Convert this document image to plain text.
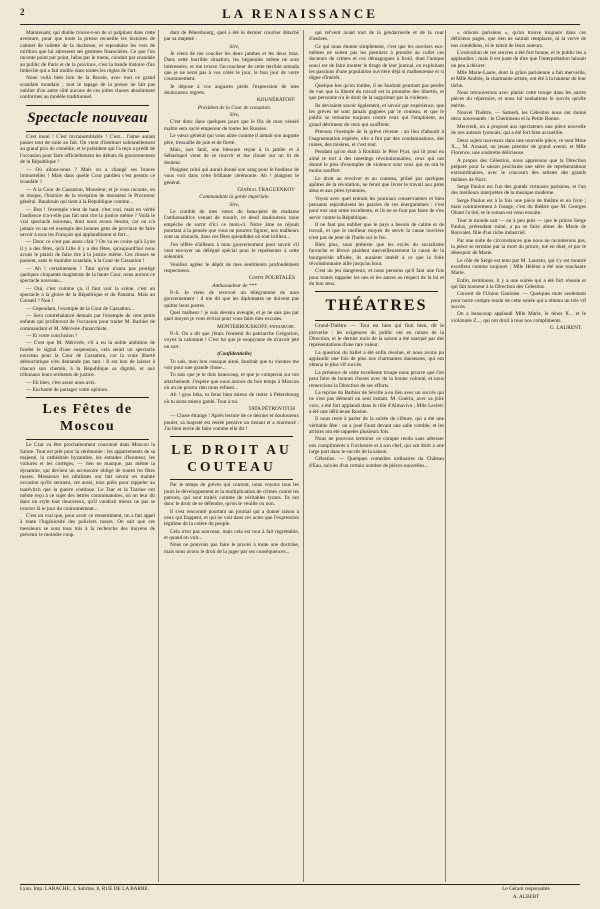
2	LA RENAISSANCE

Maintenant, qui diable trouve-t-on de si palpitant dans cette aventure, pour que toute la presse recueille les histoires de cabinet de toilette de la duchesse, et reproduise les vers de mirliton que lui adressent ses gemmes financières. Ce que l'on raconte point par point, hélas par le menu, conduit par scandale au public de Paris et de la province, c'est la bande histoire d'un imbécile qui a fait moître dans toutes les règles de l'art.

Nous voilà bien loin de la Russie, avec tout ce grand scandale mondain ; tout le tapage de la presse ne fait pas oublier d'un autre côté aucune de ces jolies choses absolument conformes au modèle traditionnel.

Spectacle nouveau

C'est inouï ! C'est invraisemblable ! C'est... J'aime autant passer tout de suite au fait. On vient d'instituer solennellement au grand prix de comédie, et le président qui l'a reçu a prédit de l'occasion pour faire officiellement les débuts du gouvernement de la République !

— Où allons-nous ? Mais on a changé ses braves immortelles ! Mais dans quelle Cour pardieu c'est permis ce scandale ?

— A la Cour de Cassation, Monsieur, et je vous raconte, on se moque, l'histoire de la réception de monsieur le Procureur général. Baudouin qui tient à la République comme...

— Bon ! l'exemple vient de haut, c'est vrai, mais en vérité l'audience n'a-t-elle pas fait tant rire la justice même ? Voilà le vrai spectacle nouveau, dont nous avons besoin, car on n'a jamais vu un tel exemple des bonnes gens de province de faire savoir à tous les Français qui applaudissent si fort...

— Donc ce n'est pas assez clair ? On va en croire qu'à Lyon il y a des fêtes, qu'à Lille il y a des fêtes, qu'aujourd'hui nous avons le plaisir de faire rire à la justice même. Ces choses se passent, sans le moindre scandale, à la Cour de Cassation !

— Ah ! certainement ! Tant qu'on n'aura pas protégé quelques cinquante magistrats de la haute Cour, nous aurons ce spectacle nouveau...

— Oui, c'est comme ça, il faut voir la scène, c'est un spectacle à la gloire de la République et du Panama. Mais au Conseil ? Non !

— Cependant, l'exemple de la Cour de Cassation...

— Sera contrebalancé demain par l'exemple de cent petits enfants qui profiteront de l'occasion pour traiter M. Barbier de commandant et M. Mérovée d'anarchiste.

— Et votre conclusion ?

— C'est que M. Mérovée, s'il a eu la noble ambition de fonder le signal d'une suspension, cela serait un spectacle nouveau pour la Cour de Cassation, car la vraie liberté démocratique n'en demande pas tant : Il est bon de laisser à chacun son chemin, à la République sa dignité, et aux tribunaux leurs serments de justice.

— Eh bien, c'est assez nous avis.

— Enchanté de partager votre opinion.

Les Fêtes de Moscou

Le Czar va être prochainement couronné dans Moscou la Sainte. Tout est prêt pour la cérémonie : les appartements de sa majesté, la cathédrale byzantine, les estrades d'honneur, les voitures et les cortèges, — rien ne manque, pas même la dynamite, qui devient un accessoire obligé de toutes les fêtes russes. Messieurs les nihilistes ont fait savoir en mainte occasion qu'ils seraient, cet aussi, tous prêts pour rappeler au tsarévitch que la guerre continue. Le Tsar et la Tsarine ont même reçu à ce sujet des lettres comminatoires, où on leur dit dans un style tout doucereux, qu'il vaudrait mieux ne pas se trouver là le jour du couronnement...

C'est un vrai que, pour avoir ce ressentiment, on a fait appel à toute l'ingéniosité des policiers russes. On sait que ces messieurs se sont tous mis à la recherche des moyens de prévenir le moindre coup.

dant de Pétersbourg, quel a été le dernier courrier détaché par sa majesté :

Sire,

Je viens de me coucher les deux jambes et les deux bras. Dans cette horrible situation, les bégueules même ne sont intéressées, et me trouve l'accoucheur de cette terrible armada que je ne serai pas à vos côtés le jour, le bon jour de votre couronnement.

Je dépose à vos augustes pieds l'expression de mes douloureux regrets.

KOUNÉRATOFF

Président de la Cour de cassation.

Sire,

C'est donc dans quelques jours que le fils de mon vénéré maître sera sacré empereur de toutes les Russies.

Le vœux général qui vous aime comme il aimait son auguste père, tressaille de joie et de fierté.

Mais, sort fatal, une blessure reçue à la jambe et à Sébastopol vient de se rouvrir et me clouer sur un lit de douleur.

Plaignez celui qui aurait donné son sang pour le bonheur de vous voir dans cette brillante cérémonie. Ah ! plaignez le général.

Général TRAGUENKOV

Commandant la garde impériale.

Sire,

Le comble de mes vœux du beau-père de madame l'ambassadrice venant de mourir, ce deuil douloureux nous empêche de sortir d'ici ce mois-ci. Notre âme se réjouit pourtant à la pensée que vous ne pourrez figurer, nos malheurs sont un obstacle, dans ces fêtes splendides où tout brillera...

J'en réfère d'ailleurs à mon gouvernement pour savoir s'il veut envoyer un délégué spécial pour le représenter à cette solennité.

Veuillez agréer le dépôt de mes sentiments profondément respectueux.

Comte POURTALÈS

Ambassadeur de ***

P.-S. Je viens de recevoir un télégramme de mon gouvernement : il me dit que les diplomates ne doivent pas quitter leurs postes.

Quel malheur ! je suis devenu aveugle, et je ne sais pas par quel moyen je vous écrirai pour vous faire mes excuses.

MONTEBROUSKOFF, patriarche.

P.-S. On a dit que j'étais l'ennemi du patriarche Grégorion, voyez la calomnie ! C'est lui que je soupçonne de m'avoir jeté un sort.

(Confidentielle)

Tu sais, mon bon cosaque aimé, faudrait que tu viennes me voir pour une grande chose...

Tu sais que je te dois beaucoup, et que je compterai sur ton attachement. J'espère que nous aurons du bon temps à Moscou où on ne pourra rien nous refuser...

Ah ! gros béta, tu feras bien mieux de rester à Pétersbourg où tu seras mieux gardé. Tout à toi.

TATA PÉTROVITCH

— Chose étrange ! Après lecture de ce dernier et douloureux poulet, sa majesté est restée pensive un instant et a murmuré : J'ai bien envie de faire comme elle dit !

LE DROIT AU COUTEAU

Par le temps de grèves qui courent, nous voyons tous les jours le développement et la multiplication de crimes contre les patrons, qui sont traités comme de véritables tyrans. Ils ont donc le droit de se défendre, qu'on le veuille ou non.

Il s'est rencontré pourtant un journal qui a donné raison à ceux qui frappent, et qui ne voit dans ces actes que l'expression légitime de la colère du peuple.

Cela n'est pas nouveau, mais cela est tout à fait regrettable, et quand on voit...

Nous ne pouvons pas faire le procès à toute une doctrine, mais nous avons le droit de la juger par ses conséquences...

qui rel'vent avant tout de la gendarmerie et de la cour d'assises.

Ce qui nous étonne simplement, c'est que les ouvriers eux-mêmes ne soient pas les premiers à prendre au collet ces docteurs de crimes et ces démagogues à froid, dont l'unique souci est de faire monter le tirage de leur journal, en exploitant les passions d'une population ouvrière déjà si malheureuse et si digne d'intérêt.

Quelque bas qu'on tombe, il ne faudrait pourtant pas perdre de vue que la liberté du travail est la première des libertés, et que personne n'a le droit de la supprimer par la violence.

Ils devraient savoir également, et savoir par expérience, que les grèves ne sont jamais gagnées par le couteau, et que le public se retourne toujours contre ceux qui l'emploient, au grand détriment de ceux qui souffrent.

Prenons l'exemple de la grève récente : au lieu d'aboutir à l'augmentation espérée, elle a fini par des condamnations, des ruines, des misères, et c'est tout.

Pendant qu'on était à Roubaix le Père Pyat, qui lit pour en aimé le tort à des meetings révolutionnaires, ceux qui ont donné le plus d'exemples de violence sont ceux qui en ont le moins souffert.

Le droit au revolver et au couteau, prôné par quelques apôtres de la révolution, ne ferait que livrer le travail aux pires abus et aux pires tyrannies.

Voyez avec quel entrain les journaux conservateurs et bien pensants reproduisent les paroles de ces énergumènes : c'est pour eux une arme excellente, et ils ne se font pas faute de s'en servir contre la République.

Il ne faut pas oublier que le pays a besoin de calme et de travail, et que le meilleur moyen de servir la cause ouvrière n'est pas de jeter de l'huile sur le feu.

Bien plus, sous prétexte que les excès du socialisme farouche et féroce plaident merveilleusement la cause de la bourgeoisie affolée, ils auraient intérêt à ce que la folie révolutionnaire aille jusqu'au bout.

C'est un jeu dangereux, et nous pensons qu'il faut une fois pour toutes rappeler les uns et les autres au respect de la loi et du bon sens.

THÉATRES

Grand-Théâtre. — Tout est bien qui finit bien, dit le proverbe : les exigences du public ont eu raison de la Direction, et le dernier mois de la saison a été marqué par des représentations d'une rare valeur.

La question du ballet a été enfin résolue, et nous avons pu applaudir une fois de plus nos charmantes danseuses, qui ont obtenu le plus vif succès.

La présence de cette excellente troupe nous prouve que l'on peut faire de bonnes choses avec de la bonne volonté, et nous remercions la Direction de ses efforts.

La reprise du Barbier de Séville a eu lieu avec un succès qui ne s'est pas démenti un seul instant. M. Guérin, avec sa jolie voix, a été fort applaudi dans le rôle d'Almaviva ; Mlle Leclerc a été une délicieuse Rosine.

Il nous reste à parler de la soirée de clôture, qui a été une véritable fête : on a joué Faust devant une salle comble, et les artistes ont été rappelés plusieurs fois.

Nous ne pouvons terminer ce compte rendu sans adresser nos compliments à l'orchestre et à son chef, qui ont droit à une large part dans le succès de la saison.

Célestins. — Quelques comédies ordinaires du Château d'Eau, suivies d'un certain nombre de pièces nouvelles...

« orisons parisiens », qu'on trouve toujours dans ces délicieux pages, que rien ne saurait remplacer, ni la verve de nos comédiens, ni le talent de leurs auteurs.

L'exécution de ces œuvres a été fort bonne, et le public les a applaudies ; mais il est juste de dire que l'interprétation laissait un peu à désirer.

Mlle Marie-Laure, dont la grâce parisienne a fait merveille, et Mlle Andrée, la charmante artiste, ont été à la hauteur de leur tâche.

Nous retrouverons avec plaisir cette troupe dans les autres pièces du répertoire, et nous lui souhaitons le succès qu'elle mérite.

Nouvel Théâtre. — Samedi, les Célestins nous ont donné deux nouveautés : le Chemineau et la Petite Bonne.

Mercredi, on a proposé aux spectateurs une pièce nouvelle de nos auteurs lyonnais, qui a été fort bien accueillie.

Deux sujets nouveaux dans une nouvelle pièce, ce sont Mme X..., M. Arnaud, un jeune premier de grand avenir, et Mlle Florence, une soubrette délicieuse.

A propos des Célestins, nous apprenons que la Direction prépare pour la saison prochaine une série de représentations extraordinaires, avec le concours des artistes des grands théâtres de Paris.

Serge Paulus est l'un des grands virtuoses parisiens, et l'un des meilleurs interprètes de la musique moderne.

Serge Paulus est à la fois une pièce de théâtre et un livre ; mais contrairement à l'usage, c'est du théâtre que M. Georges Ohnet l'a tiré, et le roman est venu ensuite.

Tout le monde sait — ou à peu près — que le prince Serge Paulus, prétendant ruiné, a pu se faire aimer de Marie de Bonvalet, fille d'un riche industriel.

Par une suite de circonstances que nous ne raconterons pas, la pièce se termine par la mort du prince, tué en duel, et par le désespoir de Marie.

Le rôle de Serge est tenu par M. Laurent, qui s'y est montré excellent comme toujours ; Mlle Hélène a été une touchante Marie.

Enfin, terminons, il y a une soirée qui a été fort réussie et qui fait honneur à la Direction des Célestins.

Concert de l'Union Gauloise. — Quelques mots seulement pour notre compte rendu de cette soirée qui a obtenu un très vif succès.

On a beaucoup applaudi Mlle Marie, le ténor X... et le violoniste Z..., qui ont droit à tous nos compliments.

G. LAURENT.

Lyon. Imp. LARACHE, 4, Sabrine, 8, RUE DE LA BARRE.	Le Gérant responsable
A. ALBERT
